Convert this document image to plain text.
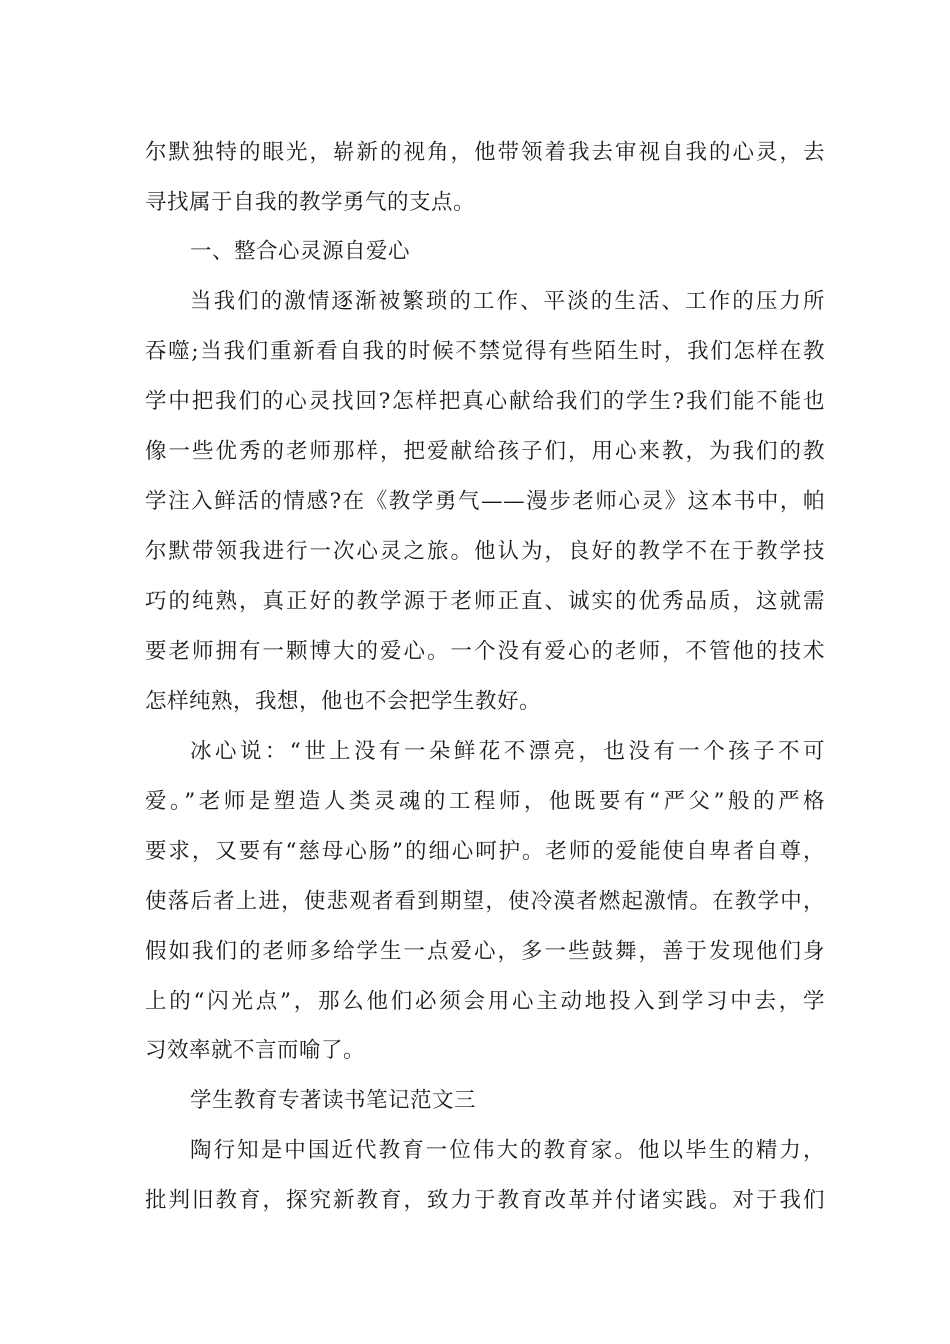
尔默独特的眼光，崭新的视角，他带领着我去审视自我的心灵，去
寻找属于自我的教学勇气的支点。
一、整合心灵源自爱心
当我们的激情逐渐被繁琐的工作、平淡的生活、工作的压力所
吞噬;当我们重新看自我的时候不禁觉得有些陌生时，我们怎样在教
学中把我们的心灵找回?怎样把真心献给我们的学生?我们能不能也
像一些优秀的老师那样，把爱献给孩子们，用心来教，为我们的教
学注入鲜活的情感?在《教学勇气——漫步老师心灵》这本书中，帕
尔默带领我进行一次心灵之旅。他认为，良好的教学不在于教学技
巧的纯熟，真正好的教学源于老师正直、诚实的优秀品质，这就需
要老师拥有一颗博大的爱心。一个没有爱心的老师，不管他的技术
怎样纯熟，我想，他也不会把学生教好。
冰心说：“世上没有一朵鲜花不漂亮，也没有一个孩子不可
爱。”老师是塑造人类灵魂的工程师，他既要有“严父”般的严格
要求，又要有“慈母心肠”的细心呵护。老师的爱能使自卑者自尊，
使落后者上进，使悲观者看到期望，使冷漠者燃起激情。在教学中，
假如我们的老师多给学生一点爱心，多一些鼓舞，善于发现他们身
上的“闪光点”，那么他们必须会用心主动地投入到学习中去，学
习效率就不言而喻了。
学生教育专著读书笔记范文三
陶行知是中国近代教育一位伟大的教育家。他以毕生的精力，
批判旧教育，探究新教育，致力于教育改革并付诸实践。对于我们
